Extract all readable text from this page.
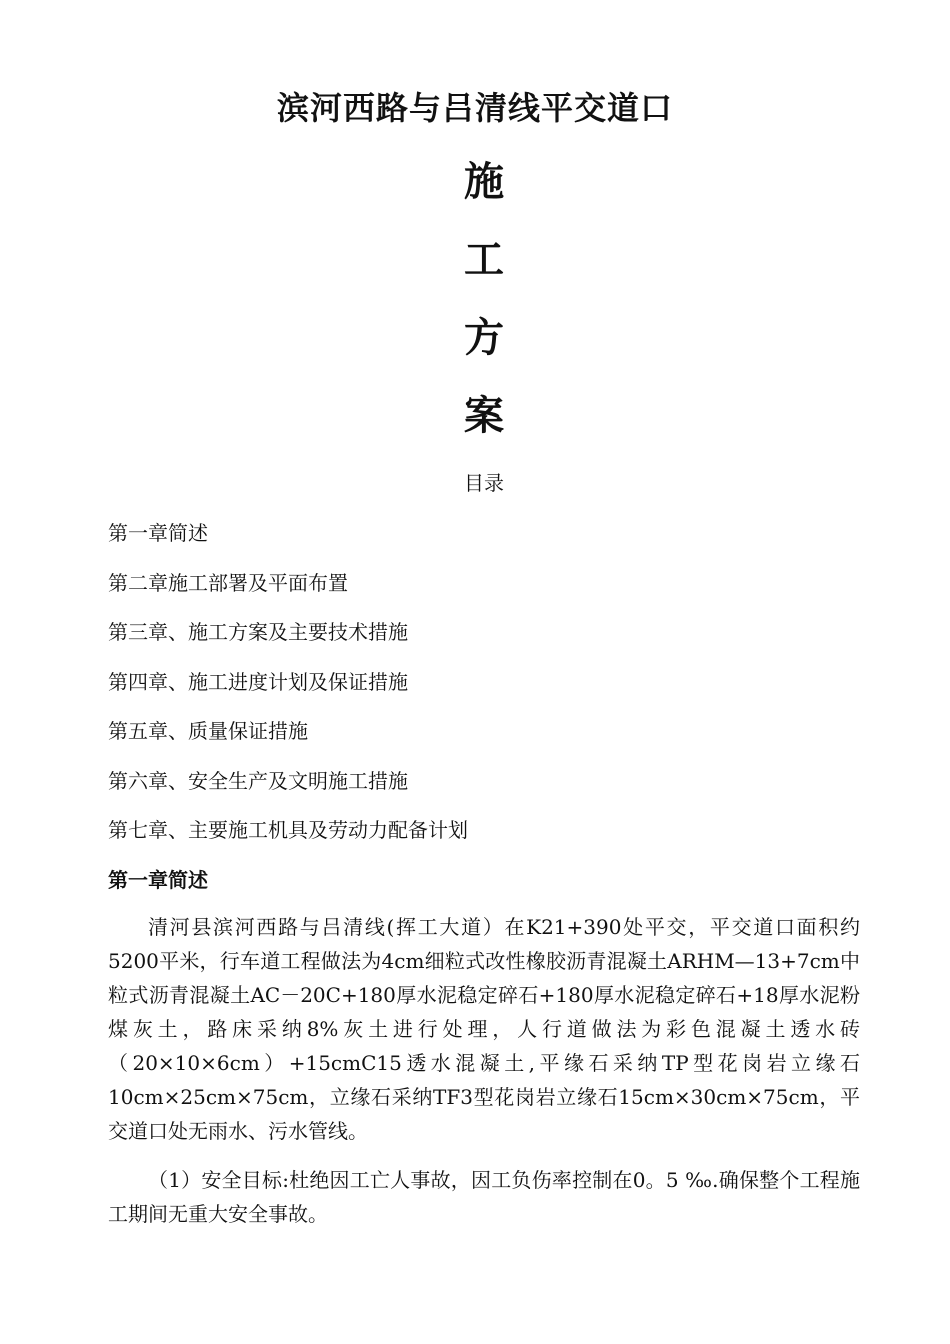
滨河西路与吕清线平交道口
施
工
方
案
目录
第一章简述
第二章施工部署及平面布置
第三章、施工方案及主要技术措施
第四章、施工进度计划及保证措施
第五章、质量保证措施
第六章、安全生产及文明施工措施
第七章、主要施工机具及劳动力配备计划
第一章简述

清河县滨河西路与吕清线(挥工大道）在K21+390处平交，平交道口面积约5200平米，行车道工程做法为4cm细粒式改性橡胶沥青混凝土ARHM—13+7cm中粒式沥青混凝土AC－20C+180厚水泥稳定碎石+180厚水泥稳定碎石+18厚水泥粉煤灰土，路床采纳8%灰土进行处理，人行道做法为彩色混凝土透水砖（20×10×6cm）+15cmC15透水混凝土,平缘石采纳TP型花岗岩立缘石10cm×25cm×75cm，立缘石采纳TF3型花岗岩立缘石15cm×30cm×75cm，平交道口处无雨水、污水管线。

（1）安全目标:杜绝因工亡人事故，因工负伤率控制在0。5 ‰.确保整个工程施工期间无重大安全事故。
